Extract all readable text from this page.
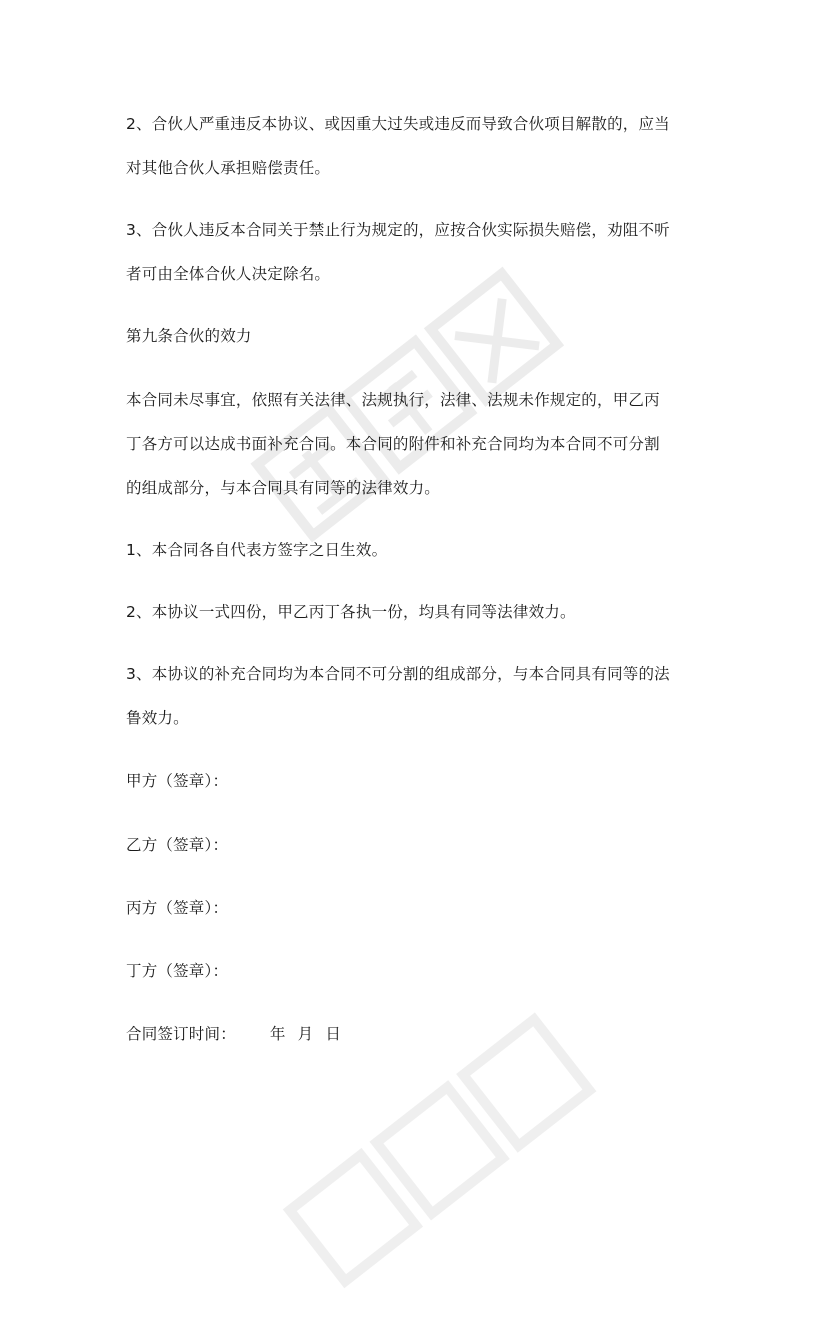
2、合伙人严重违反本协议、或因重大过失或违反而导致合伙项目解散的，应当
对其他合伙人承担赔偿责任。
3、合伙人违反本合同关于禁止行为规定的，应按合伙实际损失赔偿，劝阻不听
者可由全体合伙人决定除名。
第九条合伙的效力
本合同未尽事宜，依照有关法律、法规执行，法律、法规未作规定的，甲乙丙
丁各方可以达成书面补充合同。本合同的附件和补充合同均为本合同不可分割
的组成部分，与本合同具有同等的法律效力。
1、本合同各自代表方签字之日生效。
2、本协议一式四份，甲乙丙丁各执一份，均具有同等法律效力。
3、本协议的补充合同均为本合同不可分割的组成部分，与本合同具有同等的法
鲁效力。
甲方（签章）：
乙方（签章）：
丙方（签章）：
丁方（签章）：
合同签订时间： 年 月 日
